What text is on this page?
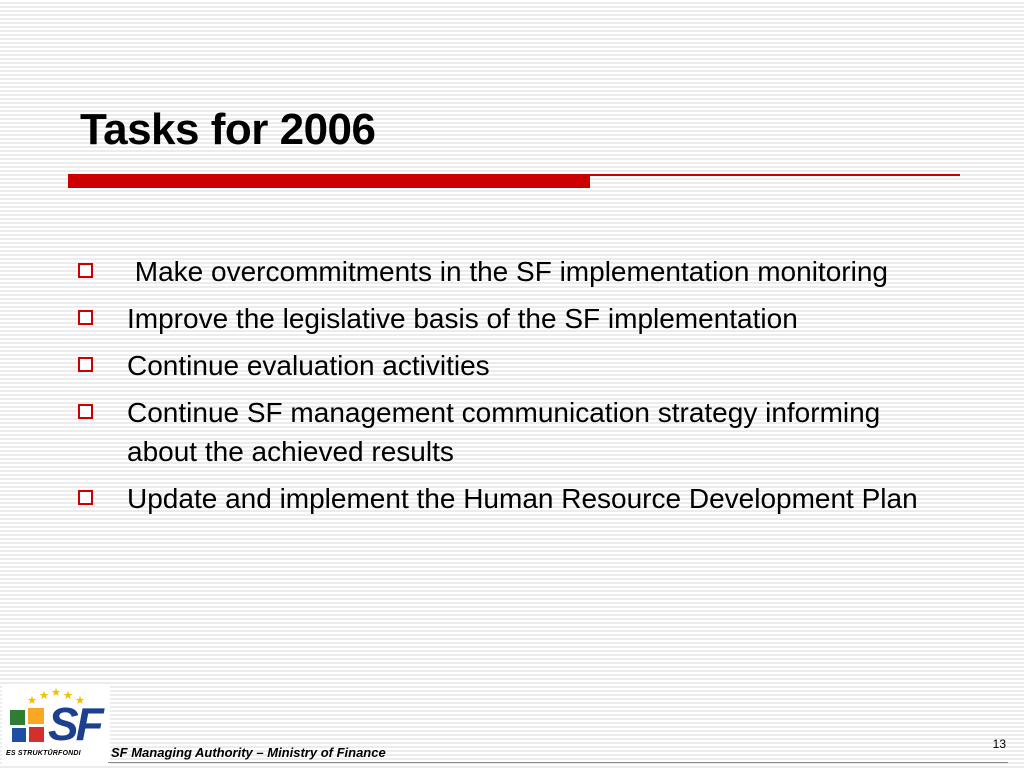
Tasks for 2006
Make overcommitments in the SF implementation monitoring
Improve the legislative basis of the SF implementation
Continue evaluation activities
Continue SF management communication strategy informing about the achieved results
Update and implement the Human Resource Development Plan
SF
ES STRUKTŪRFONDI SF Managing Authority – Ministry of Finance
13
